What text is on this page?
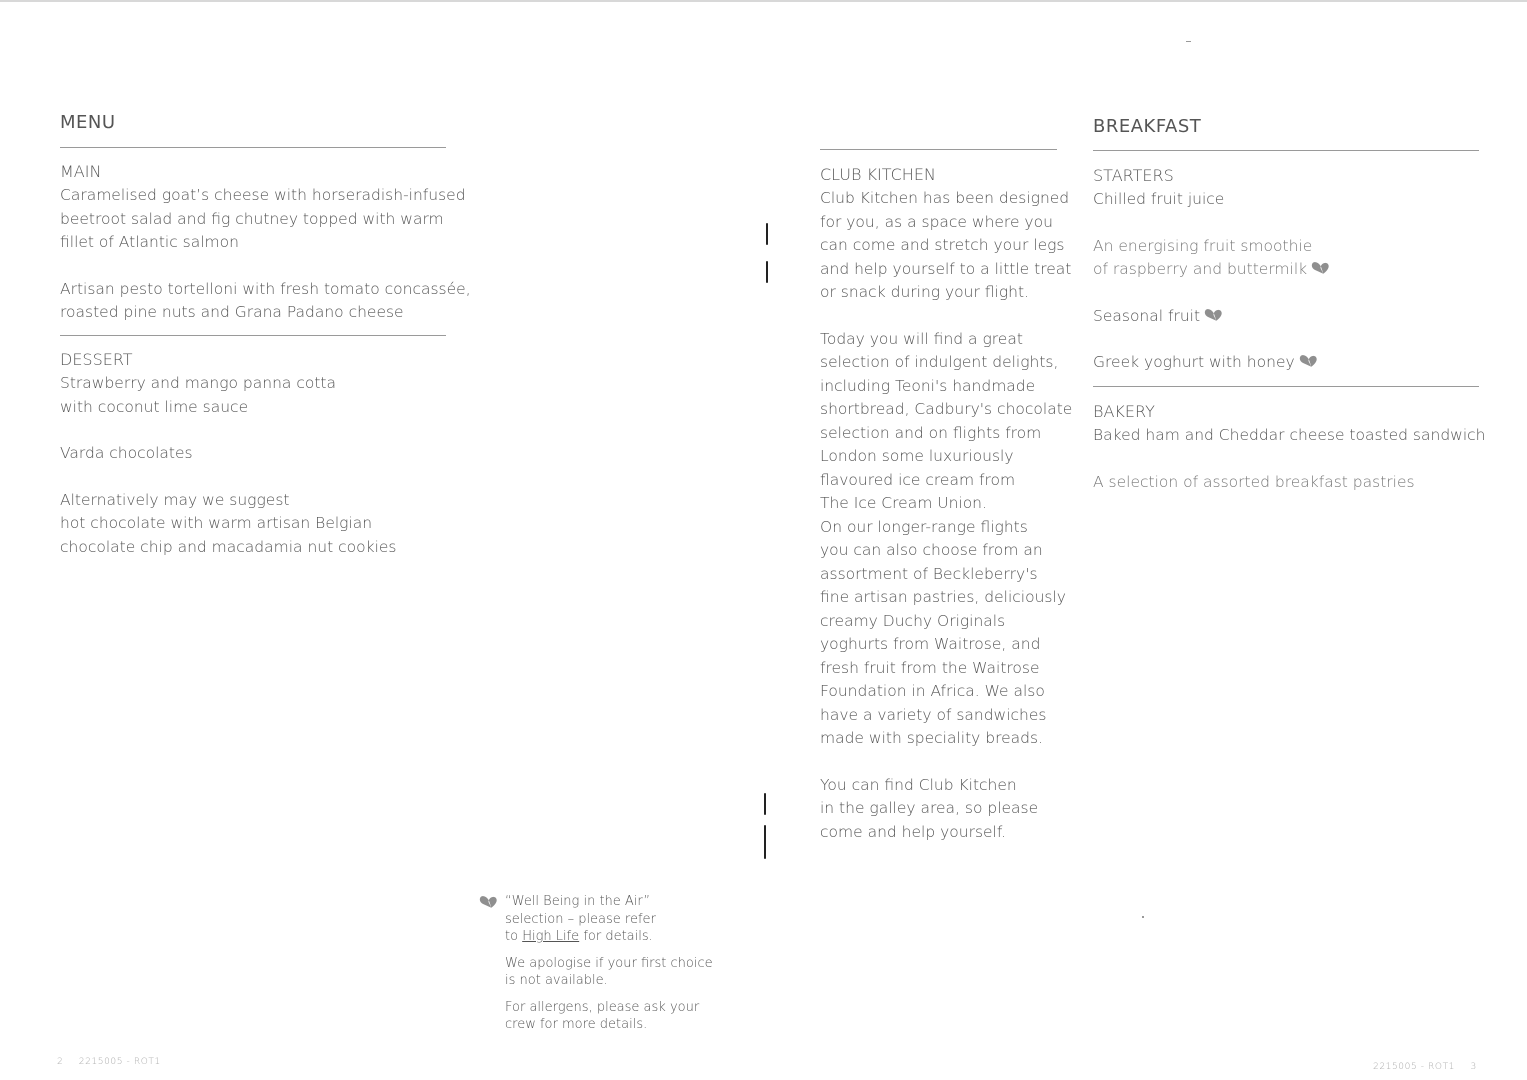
MENU
MAIN
Caramelised goat’s cheese with horseradish-infused
beetroot salad and fig chutney topped with warm
fillet of Atlantic salmon
Artisan pesto tortelloni with fresh tomato concassée,
roasted pine nuts and Grana Padano cheese
DESSERT
Strawberry and mango panna cotta
with coconut lime sauce
Varda chocolates
Alternatively may we suggest
hot chocolate with warm artisan Belgian
chocolate chip and macadamia nut cookies
2 2215005 - ROT1
“Well Being in the Air”
selection – please refer
to High Life for details.
We apologise if your first choice
is not available.
For allergens, please ask your
crew for more details.
CLUB KITCHEN
Club Kitchen has been designed
for you, as a space where you
can come and stretch your legs
and help yourself to a little treat
or snack during your flight.
Today you will find a great
selection of indulgent delights,
including Teoni's handmade
shortbread, Cadbury's chocolate
selection and on flights from
London some luxuriously
flavoured ice cream from
The Ice Cream Union.
On our longer-range flights
you can also choose from an
assortment of Beckleberry's
fine artisan pastries, deliciously
creamy Duchy Originals
yoghurts from Waitrose, and
fresh fruit from the Waitrose
Foundation in Africa. We also
have a variety of sandwiches
made with speciality breads.
You can find Club Kitchen
in the galley area, so please
come and help yourself.
BREAKFAST
STARTERS
Chilled fruit juice
An energising fruit smoothie
of raspberry and buttermilk
Seasonal fruit
Greek yoghurt with honey
BAKERY
Baked ham and Cheddar cheese toasted sandwich
A selection of assorted breakfast pastries
2215005 - ROT1 3
